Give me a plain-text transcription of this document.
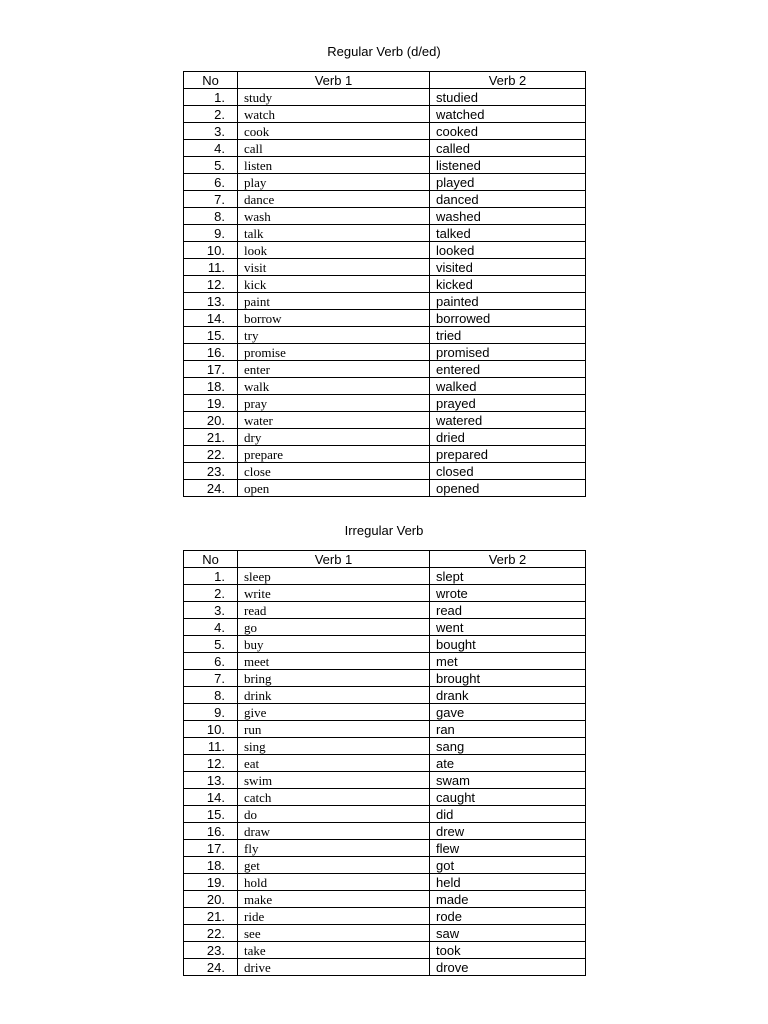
Regular Verb (d/ed)
No	Verb 1	Verb 2
1.	study	studied
2.	watch	watched
3.	cook	cooked
4.	call	called
5.	listen	listened
6.	play	played
7.	dance	danced
8.	wash	washed
9.	talk	talked
10.	look	looked
11.	visit	visited
12.	kick	kicked
13.	paint	painted
14.	borrow	borrowed
15.	try	tried
16.	promise	promised
17.	enter	entered
18.	walk	walked
19.	pray	prayed
20.	water	watered
21.	dry	dried
22.	prepare	prepared
23.	close	closed
24.	open	opened
Irregular Verb
No	Verb 1	Verb 2
1.	sleep	slept
2.	write	wrote
3.	read	read
4.	go	went
5.	buy	bought
6.	meet	met
7.	bring	brought
8.	drink	drank
9.	give	gave
10.	run	ran
11.	sing	sang
12.	eat	ate
13.	swim	swam
14.	catch	caught
15.	do	did
16.	draw	drew
17.	fly	flew
18.	get	got
19.	hold	held
20.	make	made
21.	ride	rode
22.	see	saw
23.	take	took
24.	drive	drove
